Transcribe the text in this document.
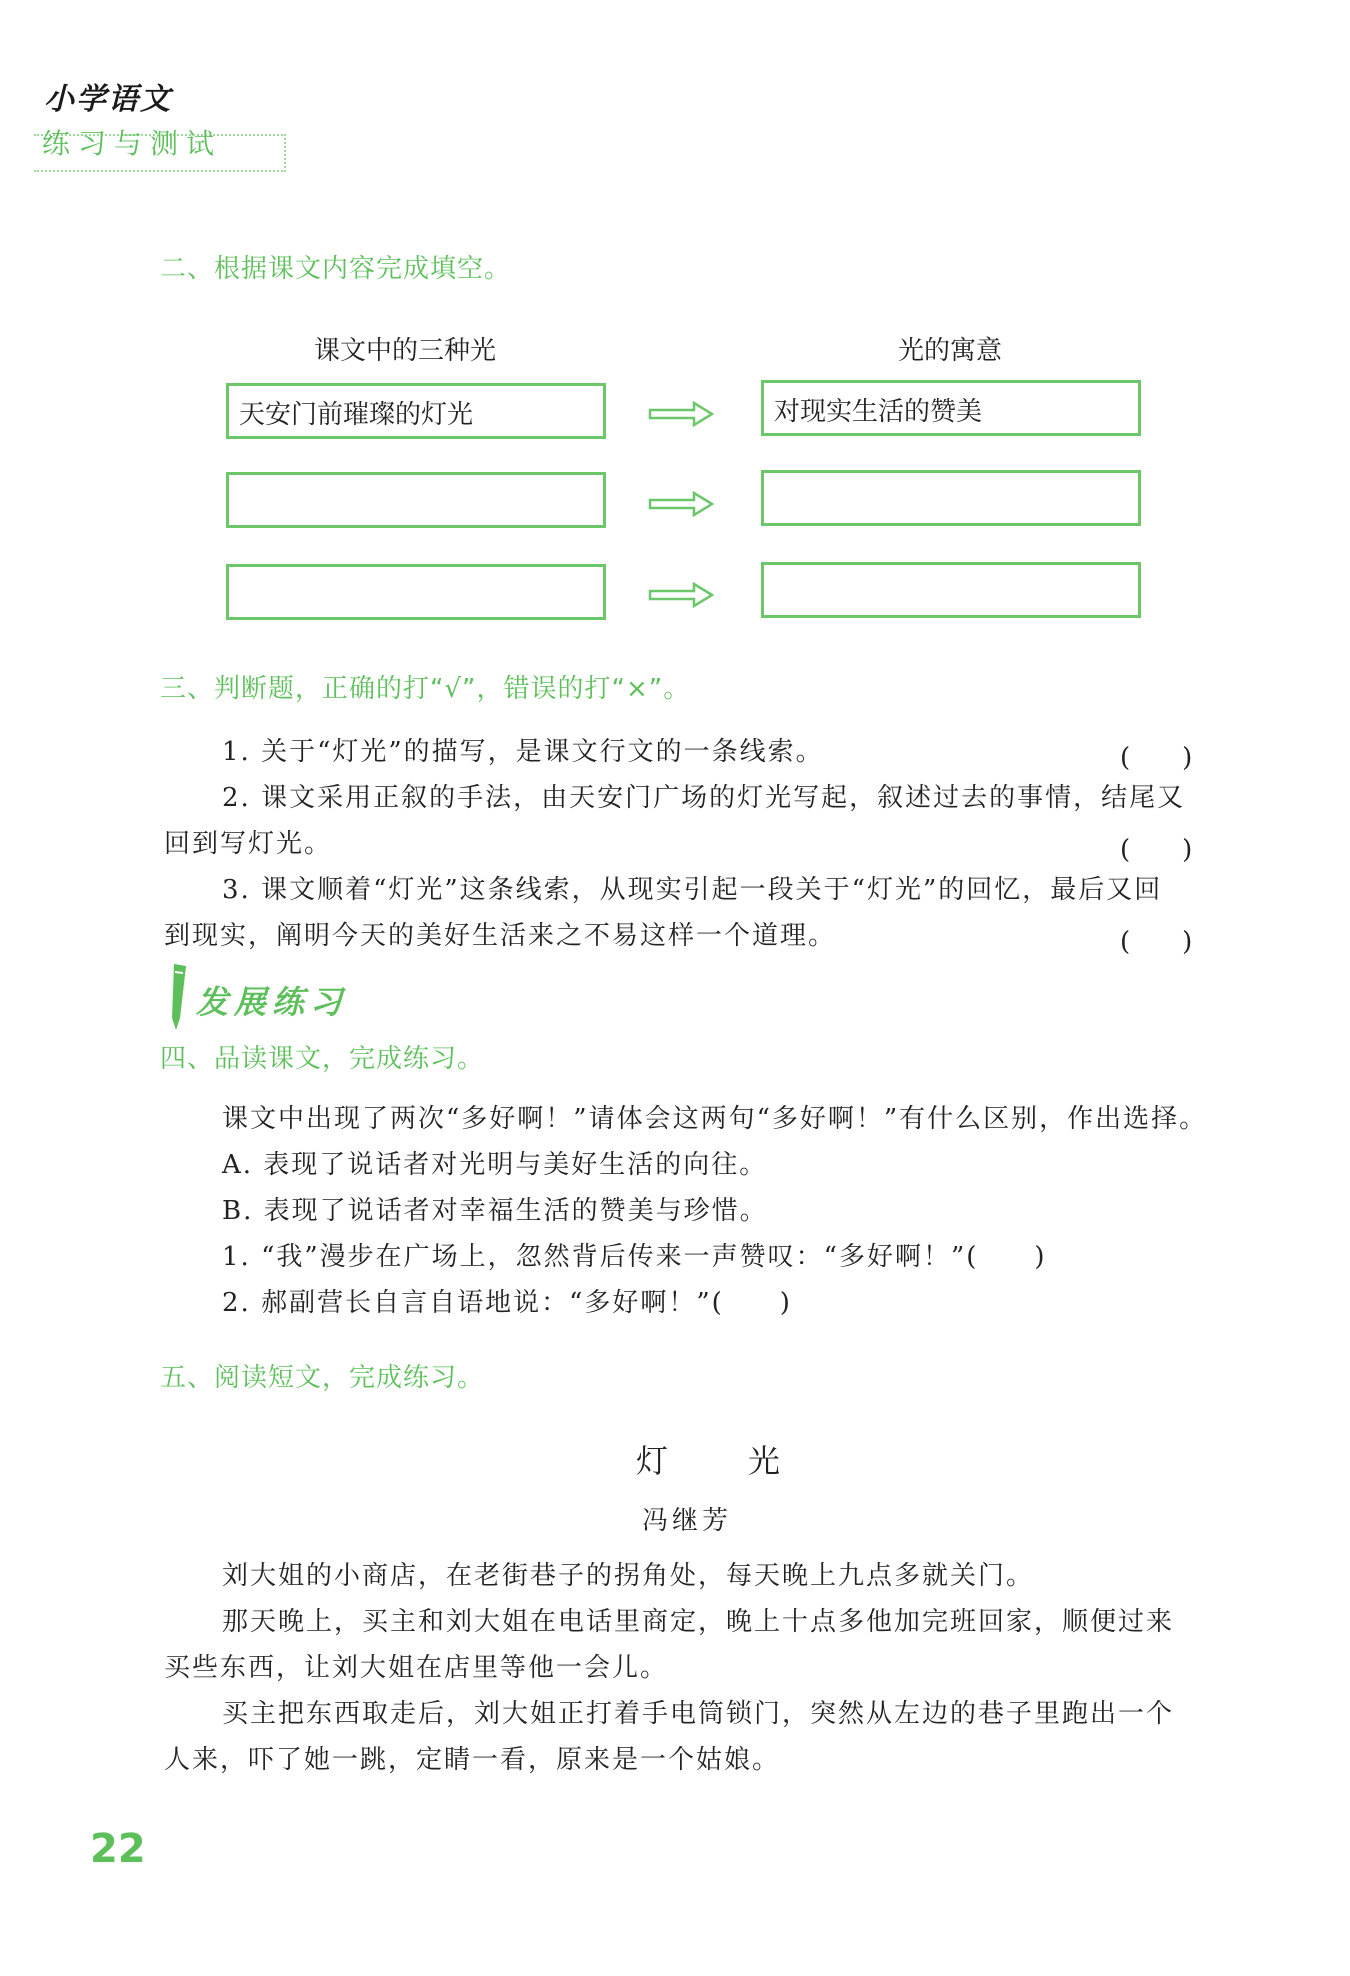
小学语文
练习与测试
二、根据课文内容完成填空。
课文中的三种光	光的寓意
天安门前璀璨的灯光	对现实生活的赞美
三、判断题，正确的打“√”，错误的打“×”。
1. 关于“灯光”的描写，是课文行文的一条线索。	(　　)
2. 课文采用正叙的手法，由天安门广场的灯光写起，叙述过去的事情，结尾又
回到写灯光。	(　　)
3. 课文顺着“灯光”这条线索，从现实引起一段关于“灯光”的回忆，最后又回
到现实，阐明今天的美好生活来之不易这样一个道理。	(　　)
发展练习
四、品读课文，完成练习。
课文中出现了两次“多好啊！”请体会这两句“多好啊！”有什么区别，作出选择。
A. 表现了说话者对光明与美好生活的向往。
B. 表现了说话者对幸福生活的赞美与珍惜。
1. “我”漫步在广场上，忽然背后传来一声赞叹：“多好啊！”(　　)
2. 郝副营长自言自语地说：“多好啊！”(　　)
五、阅读短文，完成练习。
灯　光
冯继芳
刘大姐的小商店，在老街巷子的拐角处，每天晚上九点多就关门。
那天晚上，买主和刘大姐在电话里商定，晚上十点多他加完班回家，顺便过来
买些东西，让刘大姐在店里等他一会儿。
买主把东西取走后，刘大姐正打着手电筒锁门，突然从左边的巷子里跑出一个
人来，吓了她一跳，定睛一看，原来是一个姑娘。
22
